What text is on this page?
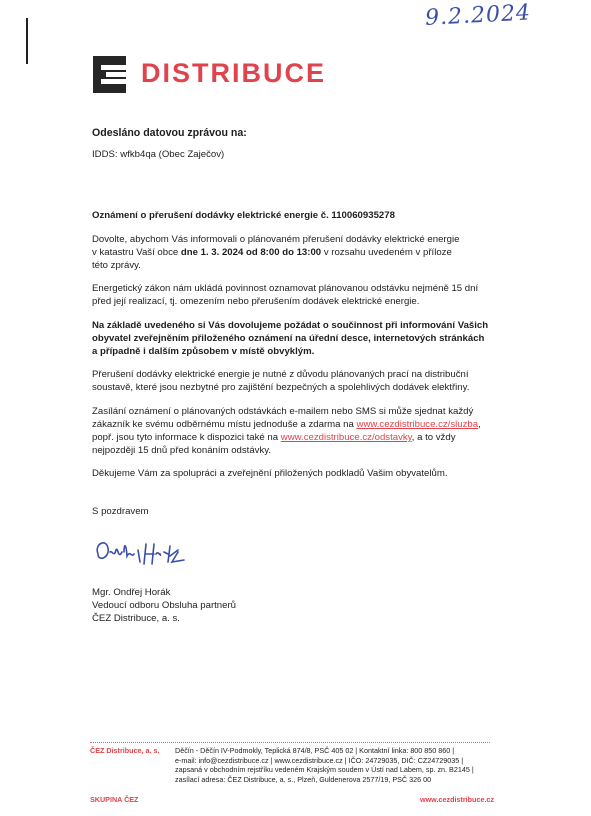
9.2.2024
DISTRIBUCE
Odesláno datovou zprávou na:
IDDS: wfkb4qa (Obec Zaječov)
Oznámení o přerušení dodávky elektrické energie č. 110060935278
Dovolte, abychom Vás informovali o plánovaném přerušení dodávky elektrické energie
v katastru Vaší obce dne 1. 3. 2024 od 8:00 do 13:00 v rozsahu uvedeném v příloze
této zprávy.
Energetický zákon nám ukládá povinnost oznamovat plánovanou odstávku nejméně 15 dní
před její realizací, tj. omezením nebo přerušením dodávek elektrické energie.
Na základě uvedeného si Vás dovolujeme požádat o součinnost při informování Vašich
obyvatel zveřejněním přiloženého oznámení na úřední desce, internetových stránkách
a případně i dalším způsobem v místě obvyklým.
Přerušení dodávky elektrické energie je nutné z důvodu plánovaných prací na distribuční
soustavě, které jsou nezbytné pro zajištění bezpečných a spolehlivých dodávek elektřiny.
Zasílání oznámení o plánovaných odstávkách e-mailem nebo SMS si může sjednat každý
zákazník ke svému odběrnému místu jednoduše a zdarma na www.cezdistribuce.cz/sluzba,
popř. jsou tyto informace k dispozici také na www.cezdistribuce.cz/odstavky, a to vždy
nejpozději 15 dnů před konáním odstávky.
Děkujeme Vám za spolupráci a zveřejnění přiložených podkladů Vašim obyvatelům.
S pozdravem
Mgr. Ondřej Horák
Vedoucí odboru Obsluha partnerů
ČEZ Distribuce, a. s.
ČEZ Distribuce, a. s. Děčín - Děčín IV-Podmokly, Teplická 874/8, PSČ 405 02 | Kontaktní linka: 800 850 860 |
e-mail: info@cezdistribuce.cz | www.cezdistribuce.cz | IČO: 24729035, DIČ: CZ24729035 |
zapsaná v obchodním rejstříku vedeném Krajským soudem v Ústí nad Labem, sp. zn. B2145 |
zasílací adresa: ČEZ Distribuce, a. s., Plzeň, Guldenerova 2577/19, PSČ 326 00
SKUPINA ČEZ	www.cezdistribuce.cz
